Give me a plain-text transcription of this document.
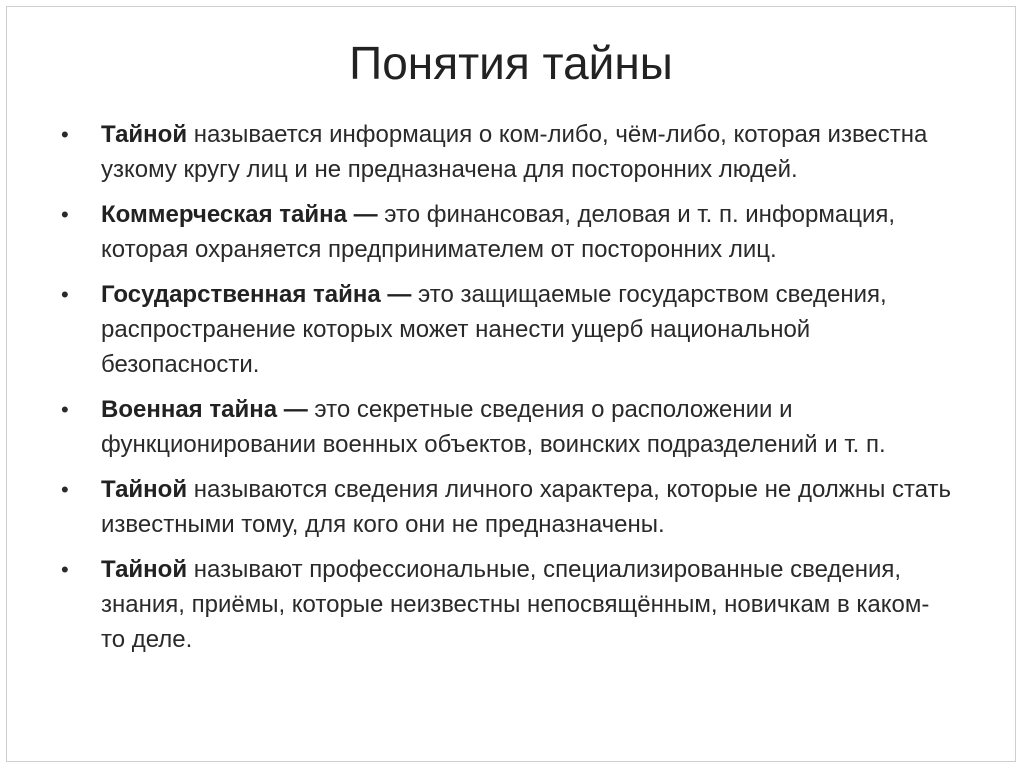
Понятия тайны
• Тайной называется информация о ком-либо, чём-либо, которая известна узкому кругу лиц и не предназначена для посторонних людей.
• Коммерческая тайна — это финансовая, деловая и т. п. информация, которая охраняется предпринимателем от посторонних лиц.
• Государственная тайна — это защищаемые государством сведения, распространение которых может нанести ущерб национальной безопасности.
• Военная тайна — это секретные сведения о расположении и функционировании военных объектов, воинских подразделений и т. п.
• Тайной называются сведения личного характера, которые не должны стать известными тому, для кого они не предназначены.
• Тайной называют профессиональные, специализированные сведения, знания, приёмы, которые неизвестны непосвящённым, новичкам в каком-то деле.
